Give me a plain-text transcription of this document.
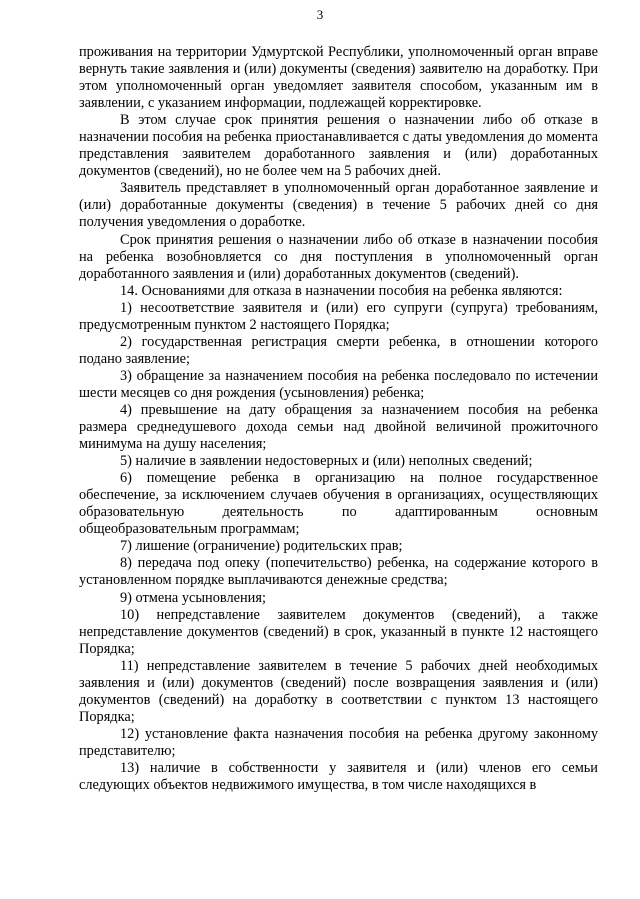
3

проживания на территории Удмуртской Республики, уполномоченный орган вправе вернуть такие заявления и (или) документы (сведения) заявителю на доработку. При этом уполномоченный орган уведомляет заявителя способом, указанным им в заявлении, с указанием информации, подлежащей корректировке.

В этом случае срок принятия решения о назначении либо об отказе в назначении пособия на ребенка приостанавливается с даты уведомления до момента представления заявителем доработанного заявления и (или) доработанных документов (сведений), но не более чем на 5 рабочих дней.

Заявитель представляет в уполномоченный орган доработанное заявление и (или) доработанные документы (сведения) в течение 5 рабочих дней со дня получения уведомления о доработке.

Срок принятия решения о назначении либо об отказе в назначении пособия на ребенка возобновляется со дня поступления в уполномоченный орган доработанного заявления и (или) доработанных документов (сведений).

14. Основаниями для отказа в назначении пособия на ребенка являются:

1) несоответствие заявителя и (или) его супруги (супруга) требованиям, предусмотренным пунктом 2 настоящего Порядка;

2) государственная регистрация смерти ребенка, в отношении которого подано заявление;

3) обращение за назначением пособия на ребенка последовало по истечении шести месяцев со дня рождения (усыновления) ребенка;

4) превышение на дату обращения за назначением пособия на ребенка размера среднедушевого дохода семьи над двойной величиной прожиточного минимума на душу населения;

5) наличие в заявлении недостоверных и (или) неполных сведений;

6) помещение ребенка в организацию на полное государственное обеспечение, за исключением случаев обучения в организациях, осуществляющих образовательную деятельность по адаптированным основным общеобразовательным программам;

7) лишение (ограничение) родительских прав;

8) передача под опеку (попечительство) ребенка, на содержание которого в установленном порядке выплачиваются денежные средства;

9) отмена усыновления;

10) непредставление заявителем документов (сведений), а также непредставление документов (сведений) в срок, указанный в пункте 12 настоящего Порядка;

11) непредставление заявителем в течение 5 рабочих дней необходимых заявления и (или) документов (сведений) после возвращения заявления и (или) документов (сведений) на доработку в соответствии с пунктом 13 настоящего Порядка;

12) установление факта назначения пособия на ребенка другому законному представителю;

13) наличие в собственности у заявителя и (или) членов его семьи следующих объектов недвижимого имущества, в том числе находящихся в
